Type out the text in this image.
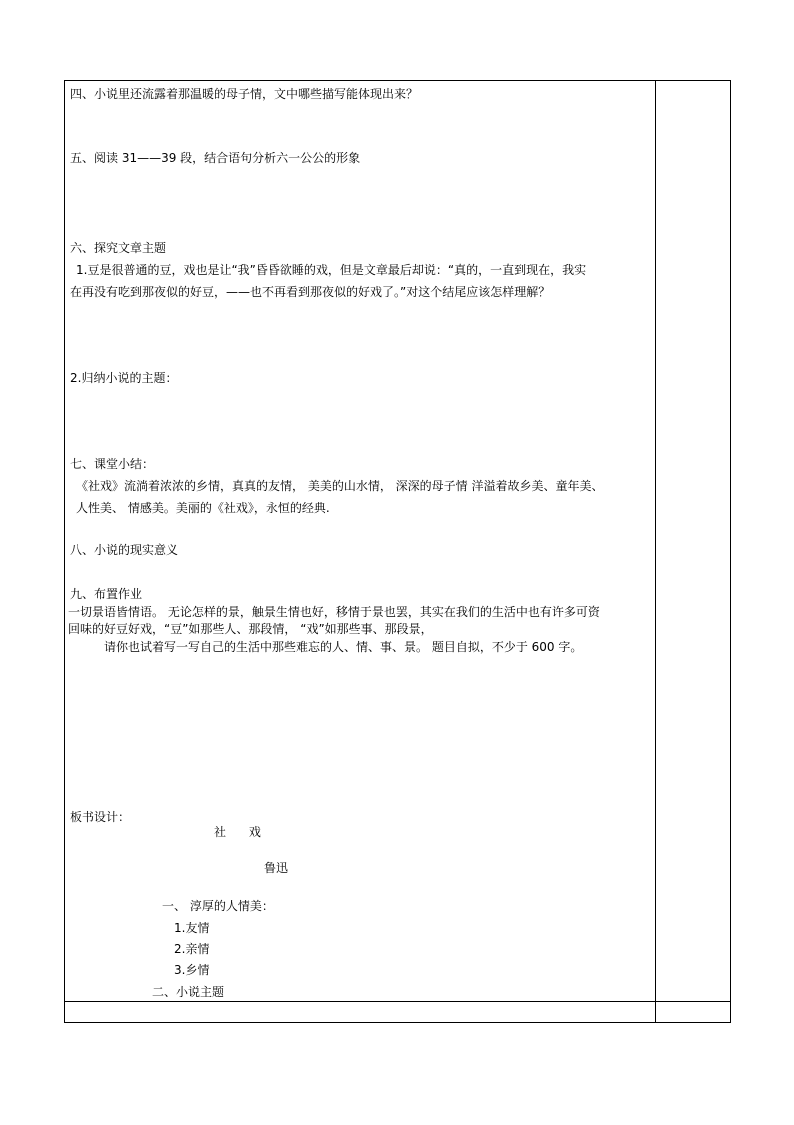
四、小说里还流露着那温暖的母子情，文中哪些描写能体现出来？
五、阅读 31——39 段，结合语句分析六一公公的形象
六、探究文章主题
1.豆是很普通的豆，戏也是让“我”昏昏欲睡的戏，但是文章最后却说：“真的，一直到现在，我实
在再没有吃到那夜似的好豆，——也不再看到那夜似的好戏了。”对这个结尾应该怎样理解？
2.归纳小说的主题：
七、课堂小结：
《社戏》流淌着浓浓的乡情，真真的友情， 美美的山水情， 深深的母子情 洋溢着故乡美、童年美、
人性美、 情感美。美丽的《社戏》，永恒的经典.
八、小说的现实意义
九、布置作业
一切景语皆情语。 无论怎样的景，触景生情也好，移情于景也罢，其实在我们的生活中也有许多可资
回味的好豆好戏，“豆”如那些人、那段情， “戏”如那些事、那段景，
请你也试着写一写自己的生活中那些难忘的人、情、事、景。 题目自拟，不少于 600 字。
板书设计：
社      戏
鲁迅
一、 淳厚的人情美：
1.友情
2.亲情
3.乡情
二、小说主题
